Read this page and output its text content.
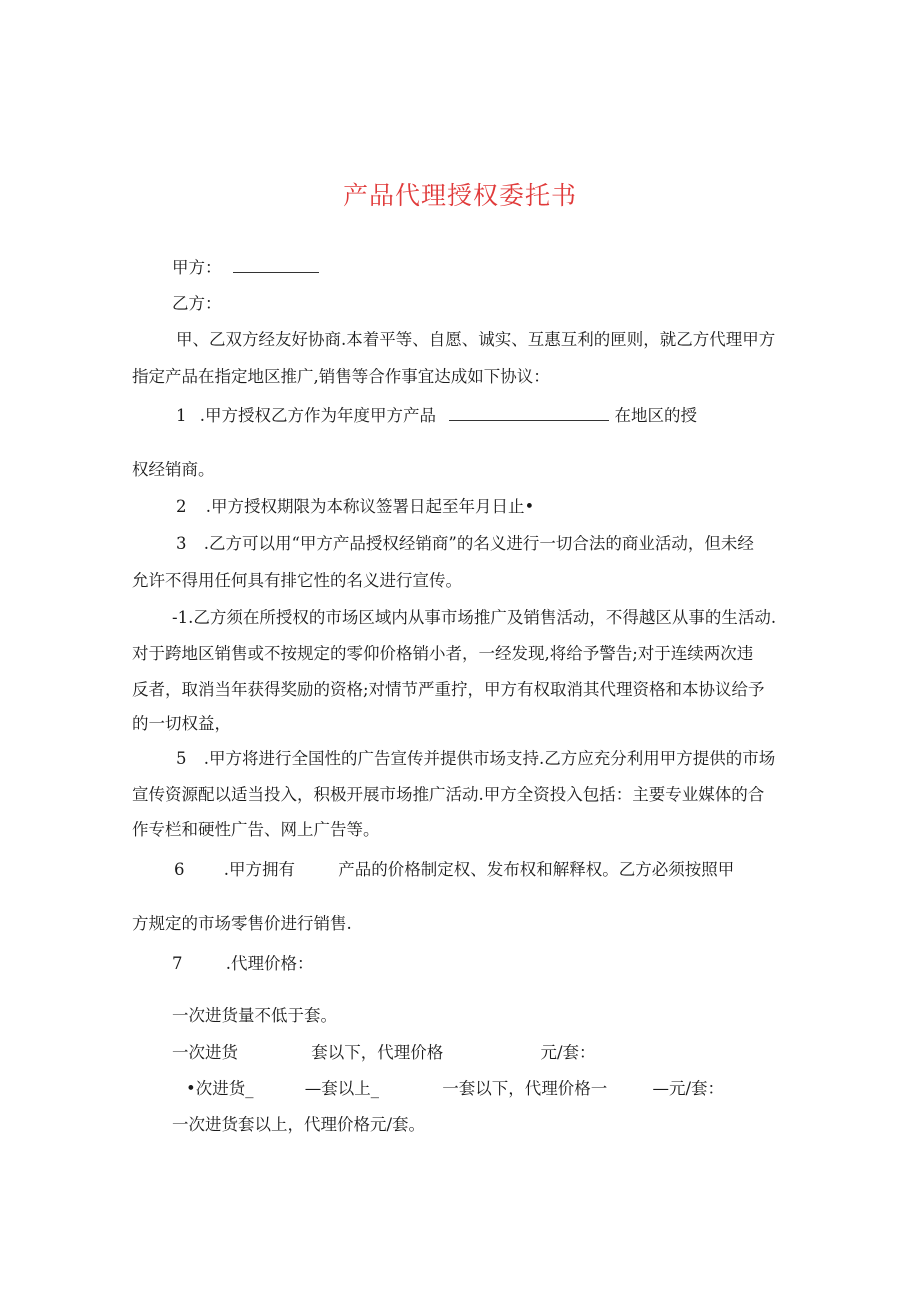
产品代理授权委托书
甲方：
乙方：
甲、乙双方经友好协商.本着平等、自愿、诚实、互惠互利的匣则，就乙方代理甲方
指定产品在指定地区推广,销售等合作事宜达成如下协议：
1 .甲方授权乙方作为年度甲方产品	在地区的授
权经销商。
2 .甲方授权期限为本称议签署日起至年月日止•
3 .乙方可以用“甲方产品授权经销商”的名义进行一切合法的商业活动，但未经
允许不得用任何具有排它性的名义进行宣传。
-1.乙方须在所授权的市场区域内从事市场推广及销售活动，不得越区从事的生活动.
对于跨地区销售或不按规定的零仰价格销小者，一经发现,将给予警告;对于连续两次违
反者，取消当年获得奖励的资格;对情节严重拧，甲方有权取消其代理资格和本协议给予
的一切权益，
5 .甲方将进行全国性的广告宣传并提供市场支持.乙方应充分利用甲方提供的市场
宣传资源配以适当投入，积极开展市场推广活动.甲方全资投入包括：主要专业媒体的合
作专栏和硬性广告、网上广告等。
6 .甲方拥有	产品的价格制定权、发布权和解释权。乙方必须按照甲
方规定的市场零售价进行销售.
7	.代理价格：
一次进货量不低于套。
一次进货	套以下，代理价格	元/套：
•次进货_	—套以上_	一套以下，代理价格一	—元/套：
一次进货套以上，代理价格元/套。
